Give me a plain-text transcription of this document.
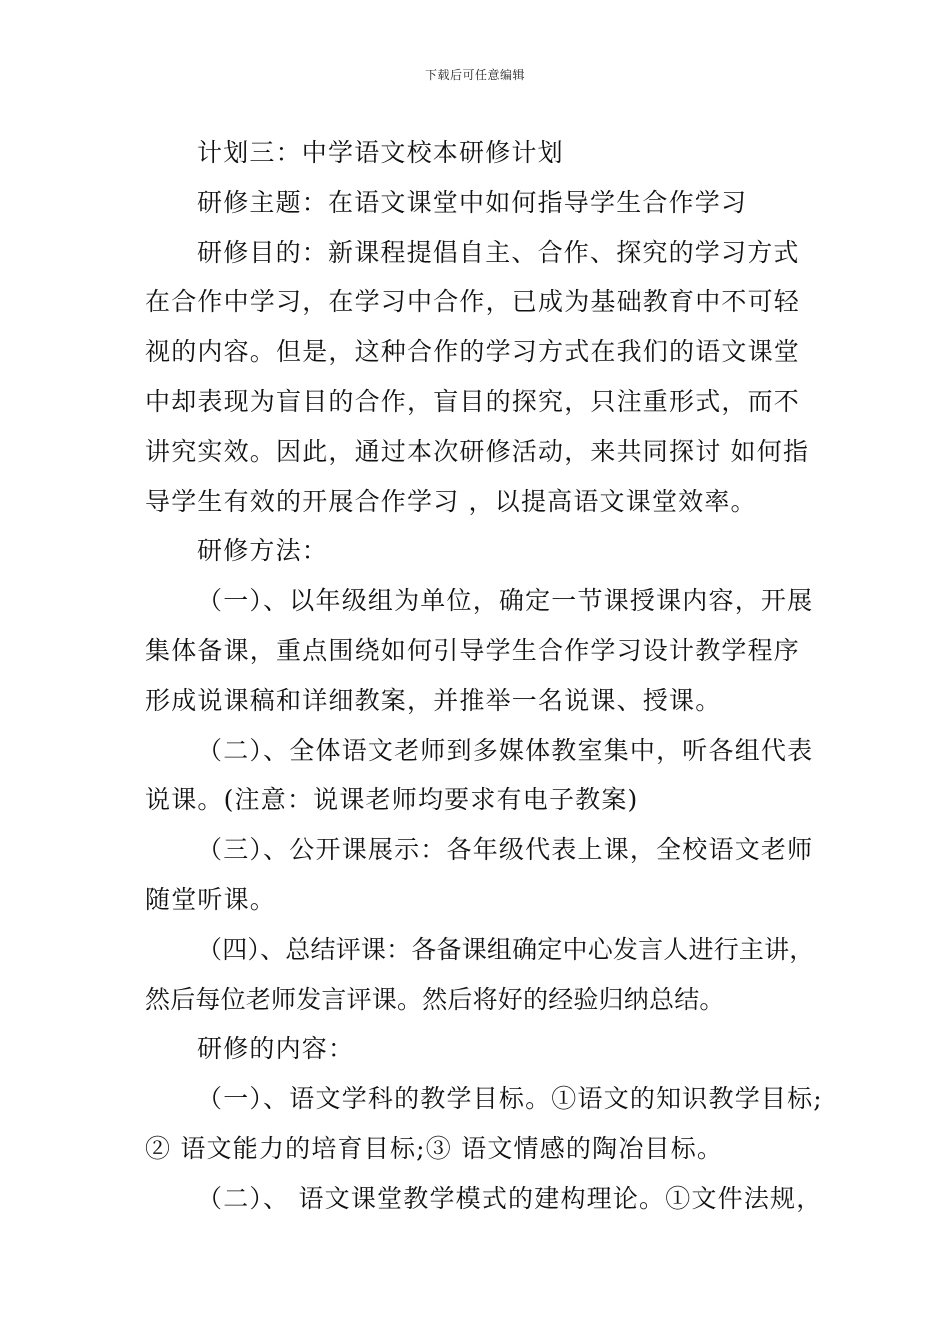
下载后可任意编辑

计划三：中学语文校本研修计划

研修主题：在语文课堂中如何指导学生合作学习

研修目的：新课程提倡自主、合作、探究的学习方式在合作中学习，在学习中合作，已成为基础教育中不可轻视的内容。但是，这种合作的学习方式在我们的语文课堂中却表现为盲目的合作，盲目的探究，只注重形式，而不讲究实效。因此，通过本次研修活动，来共同探讨 如何指导学生有效的开展合作学习 ，以提高语文课堂效率。

研修方法：

（一）、以年级组为单位，确定一节课授课内容，开展集体备课，重点围绕如何引导学生合作学习设计教学程序形成说课稿和详细教案，并推举一名说课、授课。

（二）、全体语文老师到多媒体教室集中，听各组代表说课。(注意：说课老师均要求有电子教案)

（三）、公开课展示：各年级代表上课，全校语文老师随堂听课。

（四）、总结评课：各备课组确定中心发言人进行主讲，然后每位老师发言评课。然后将好的经验归纳总结。

研修的内容：

（一）、语文学科的教学目标。①语文的知识教学目标;② 语文能力的培育目标;③ 语文情感的陶冶目标。

（二）、 语文课堂教学模式的建构理论。①文件法规，
